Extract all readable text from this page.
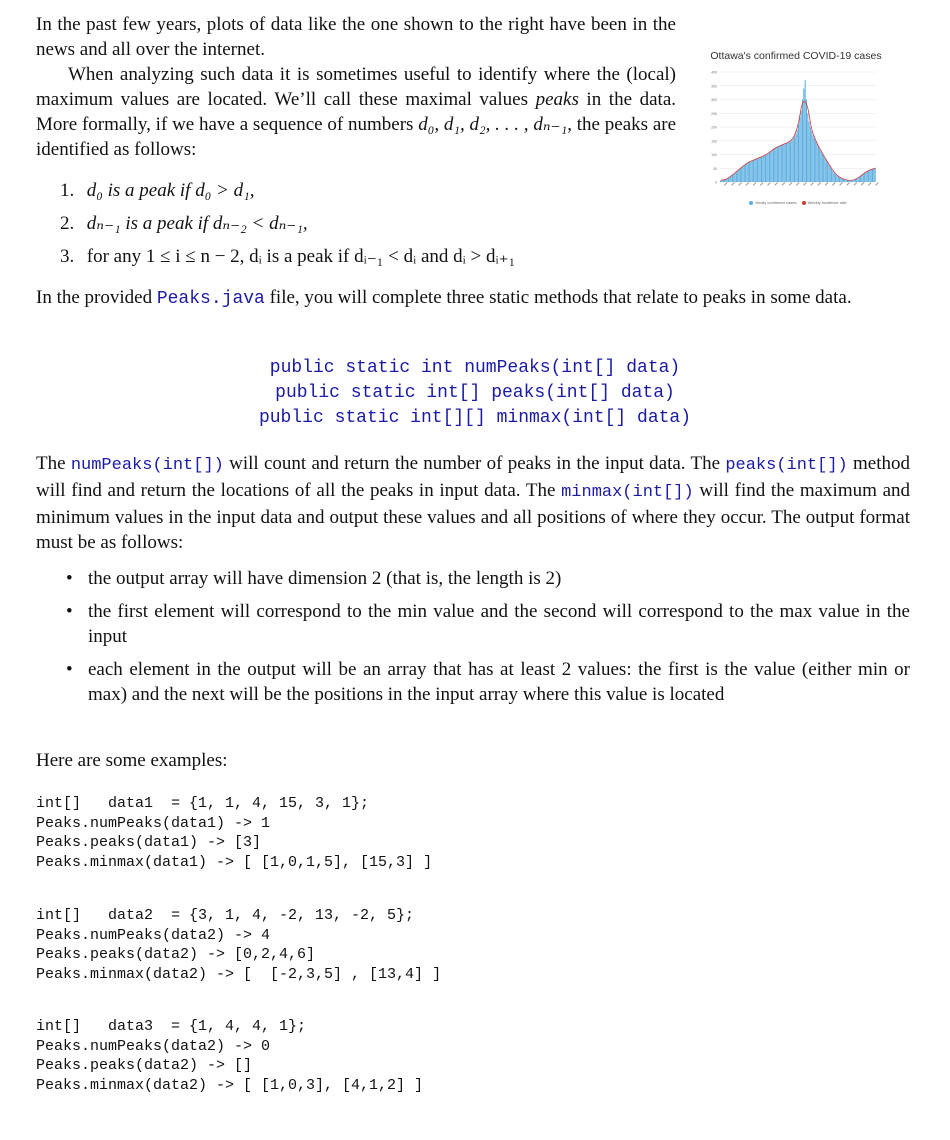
In the past few years, plots of data like the one shown to the right have been in the news and all over the internet.

When analyzing such data it is sometimes useful to identify where the (local) maximum values are located. We’ll call these maximal values peaks in the data. More formally, if we have a sequence of numbers d₀, d₁, d₂, . . . , dₙ₋₁, the peaks are identified as follows:

Ottawa's confirmed COVID-19 cases
400
350
300
250
200
150
100
50
0
Newly confirmed cases	Weekly incidence rate
1. d₀ is a peak if d₀ > d₁,
2. dₙ₋₁ is a peak if dₙ₋₂ < dₙ₋₁,
3. for any 1 ≤ i ≤ n − 2, dᵢ is a peak if dᵢ₋₁ < dᵢ and dᵢ > dᵢ₊₁

In the provided Peaks.java file, you will complete three static methods that relate to peaks in some data.

public static int numPeaks(int[] data)
public static int[] peaks(int[] data)
public static int[][] minmax(int[] data)

The numPeaks(int[]) will count and return the number of peaks in the input data. The peaks(int[]) method will find and return the locations of all the peaks in input data. The minmax(int[]) will find the maximum and minimum values in the input data and output these values and all positions of where they occur. The output format must be as follows:

• the output array will have dimension 2 (that is, the length is 2)
• the first element will correspond to the min value and the second will correspond to the max value in the input
• each element in the output will be an array that has at least 2 values: the first is the value (either min or max) and the next will be the positions in the input array where this value is located

Here are some examples:

int[]   data1  = {1, 1, 4, 15, 3, 1};
Peaks.numPeaks(data1) -> 1
Peaks.peaks(data1) -> [3]
Peaks.minmax(data1) -> [ [1,0,1,5], [15,3] ]
int[]   data2  = {3, 1, 4, -2, 13, -2, 5};
Peaks.numPeaks(data2) -> 4
Peaks.peaks(data2) -> [0,2,4,6]
Peaks.minmax(data2) -> [  [-2,3,5] , [13,4] ]
int[]   data3  = {1, 4, 4, 1};
Peaks.numPeaks(data2) -> 0
Peaks.peaks(data2) -> []
Peaks.minmax(data2) -> [ [1,0,3], [4,1,2] ]
